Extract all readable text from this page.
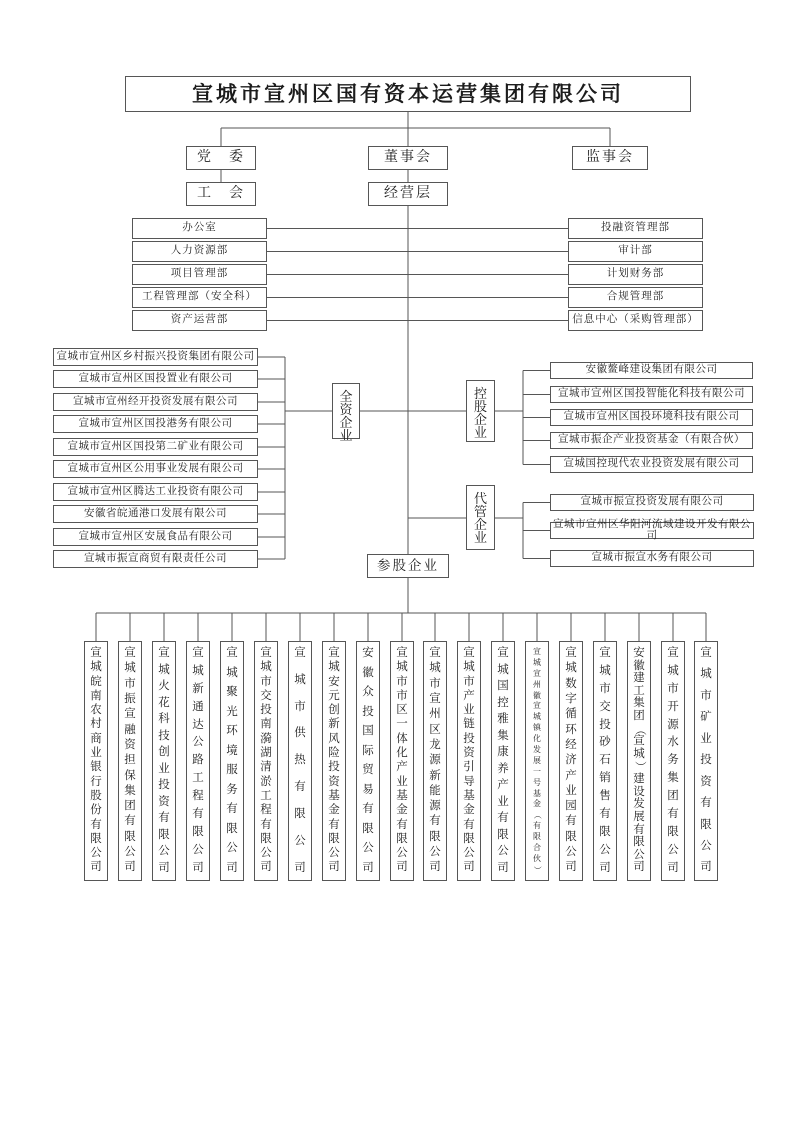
宣城市宣州区国有资本运营集团有限公司
党　委	董事会	监事会
工　会	经营层
办公室
人力资源部
项目管理部
工程管理部（安全科）
资产运营部
投融资管理部
审计部
计划财务部
合规管理部
信息中心（采购管理部）
宣城市宣州区乡村振兴投资集团有限公司
宣城市宣州区国投置业有限公司
宣城市宣州经开投资发展有限公司
宣城市宣州区国投港务有限公司
宣城市宣州区国投第二矿业有限公司
宣城市宣州区公用事业发展有限公司
宣城市宣州区腾达工业投资有限公司
安徽省皖通港口发展有限公司
宣城市宣州区安晟食品有限公司
宣城市振宣商贸有限责任公司
全
资
企
业
控
股
企
业
代
管
企
业
安徽鳌峰建设集团有限公司
宣城市宣州区国投智能化科技有限公司
宣城市宣州区国投环境科技有限公司
宣城市振企产业投资基金（有限合伙）
宣城国控现代农业投资发展有限公司
宣城市振宣投资发展有限公司
宣城市宣州区华阳河流域建设开发有限公司
宣城市振宣水务有限公司
参股企业
宣
城
皖
南
农
村
商
业
银
行
股
份
有
限
公
司
宣
城
市
振
宣
融
资
担
保
集
团
有
限
公
司
宣
城
火
花
科
技
创
业
投
资
有
限
公
司
宣
城
新
通
达
公
路
工
程
有
限
公
司
宣
城
聚
光
环
境
服
务
有
限
公
司
宣
城
市
交
投
南
漪
湖
清
淤
工
程
有
限
公
司
宣
城
市
供
热
有
限
公
司
宣
城
安
元
创
新
风
险
投
资
基
金
有
限
公
司
安
徽
众
投
国
际
贸
易
有
限
公
司
宣
城
市
市
区
一
体
化
产
业
基
金
有
限
公
司
宣
城
市
宣
州
区
龙
源
新
能
源
有
限
公
司
宣
城
市
产
业
链
投
资
引
导
基
金
有
限
公
司
宣
城
国
控
雅
集
康
养
产
业
有
限
公
司
宣
城
宣
州
徽
宣
城
镇
化
发
展
一
号
基
金
（
有
限
合
伙
）
宣
城
数
字
循
环
经
济
产
业
园
有
限
公
司
宣
城
市
交
投
砂
石
销
售
有
限
公
司
安
徽
建
工
集
团
（
宣
城
）
建
设
发
展
有
限
公
司
宣
城
市
开
源
水
务
集
团
有
限
公
司
宣
城
市
矿
业
投
资
有
限
公
司
